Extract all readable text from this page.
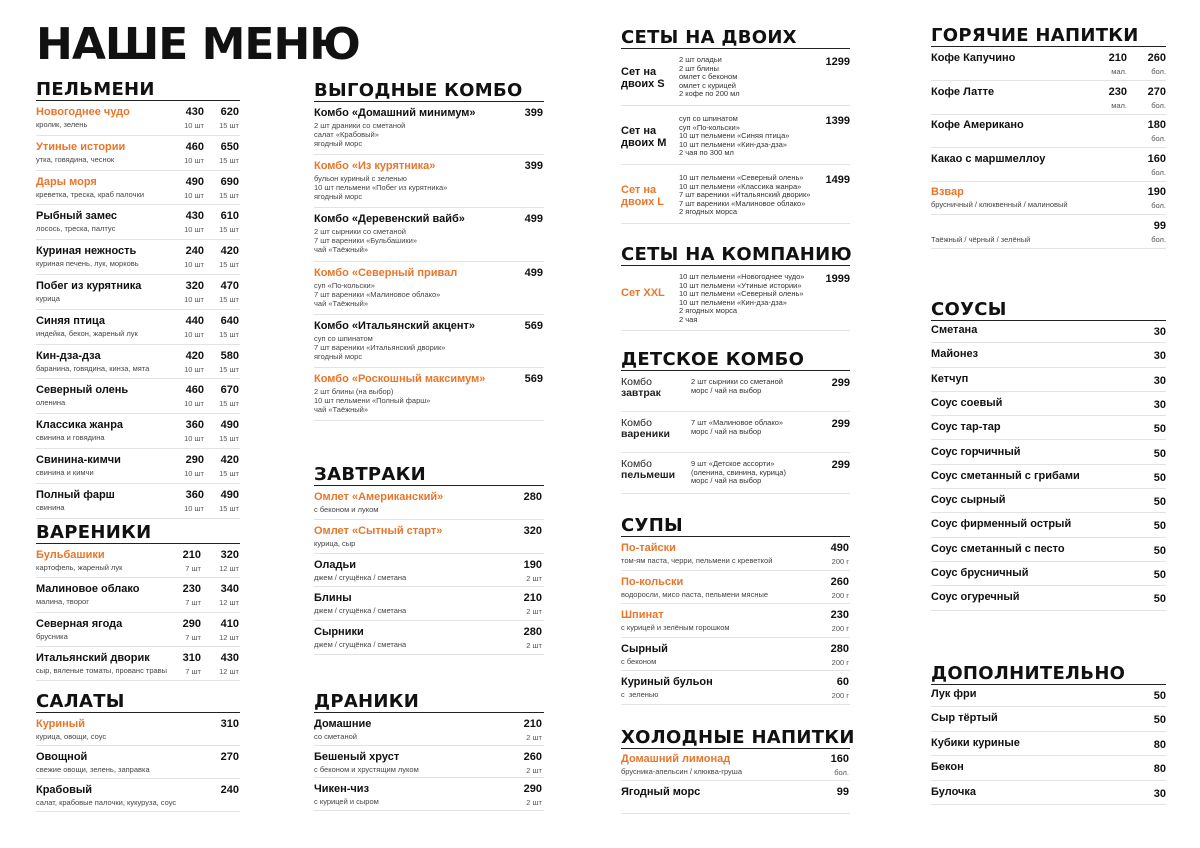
НАШЕ МЕНЮ
ПЕЛЬМЕНИ
Новогоднее чудо
кролик, зелень
430 620
10 шт 15 шт
Утиные истории
утка, говядина, чеснок
460 650
10 шт 15 шт
Дары моря
креветка, треска, краб палочки
490 690
10 шт 15 шт
Рыбный замес
лосось, треска, палтус
430 610
10 шт 15 шт
Куриная нежность
куриная печень, лук, морковь
240 420
10 шт 15 шт
Побег из курятника
курица
320 470
10 шт 15 шт
Синяя птица
индейка, бекон, жареный лук
440 640
10 шт 15 шт
Кин-дза-дза
баранина, говядина, кинза, мята
420 580
10 шт 15 шт
Северный олень
оленина
460 670
10 шт 15 шт
Классика жанра
свинина и говядина
360 490
10 шт 15 шт
Свинина-кимчи
свинина и кимчи
290 420
10 шт 15 шт
Полный фарш
свинина
360 490
10 шт 15 шт
ВАРЕНИКИ
Бульбашики
картофель, жареный лук
210 320
7 шт 12 шт
Малиновое облако
малина, творог
230 340
7 шт 12 шт
Северная ягода
брусника
290 410
7 шт 12 шт
Итальянский дворик
сыр, вяленые томаты, прованс травы
310 430
7 шт 12 шт
САЛАТЫ
Куриный
курица, овощи, соус
310
Овощной
свежие овощи, зелень, заправка
270
Крабовый
салат, крабовые палочки, кукуруза, соус
240
ВЫГОДНЫЕ КОМБО
Комбо «Домашний минимум»
2 шт драники со сметаной
салат «Крабовый»
ягодный морс
399
Комбо «Из курятника»
бульон куриный с зеленью
10 шт пельмени «Побег из курятника»
ягодный морс
399
Комбо «Деревенский вайб»
2 шт сырники со сметаной
7 шт вареники «Бульбашики»
чай «Таёжный»
499
Комбо «Северный привал
суп «По-кольски»
7 шт вареники «Малиновое облако»
чай «Таёжный»
499
Комбо «Итальянский акцент»
суп со шпинатом
7 шт вареники «Итальянский дворик»
ягодный морс
569
Комбо «Роскошный максимум»
2 шт блины (на выбор)
10 шт пельмени «Полный фарш»
чай «Таёжный»
569
ЗАВТРАКИ
Омлет «Американский»
с беконом и луком
280
Омлет «Сытный старт»
курица, сыр
320
Оладьи
джем / сгущёнка / сметана
190
2 шт
Блины
джем / сгущёнка / сметана
210
2 шт
Сырники
джем / сгущёнка / сметана
280
2 шт
ДРАНИКИ
Домашние
со сметаной
210
2 шт
Бешеный хруст
с беконом и хрустящим луком
260
2 шт
Чикен-чиз
с курицей и сыром
290
2 шт
СЕТЫ НА ДВОИХ
Сет на
двоих S
2 шт оладьи
2 шт блины
омлет с беконом
омлет с курицей
2 кофе по 200 мл
1299
Сет на
двоих M
суп со шпинатом
суп «По-кольски»
10 шт пельмени «Синяя птица»
10 шт пельмени «Кин-дза-дза»
2 чая по 300 мл
1399
Сет на
двоих L
10 шт пельмени «Северный олень»
10 шт пельмени «Классика жанра»
7 шт вареники «Итальянский дворик»
7 шт вареники «Малиновое облако»
2 ягодных морса
1499
СЕТЫ НА КОМПАНИЮ
Сет XXL
10 шт пельмени «Новогоднее чудо»
10 шт пельмени «Утиные истории»
10 шт пельмени «Северный олень»
10 шт пельмени «Кин-дза-дза»
2 ягодных морса
2 чая
1999
ДЕТСКОЕ КОМБО
Комбо
завтрак
2 шт сырники со сметаной
морс / чай на выбор
299
Комбо
вареники
7 шт «Малиновое облако»
морс / чай на выбор
299
Комбо
пельмеши
9 шт «Детское ассорти»
(оленина, свинина, курица)
морс / чай на выбор
299
СУПЫ
По-тайски
том-ям паста, черри, пельмени с креветкой
490
200 г
По-кольски
водоросли, мисо паста, пельмени мясные
260
200 г
Шпинат
с курицей и зелёным горошком
230
200 г
Сырный
с беконом
280
200 г
Куриный бульон
с  зеленью
60
200 г
ХОЛОДНЫЕ НАПИТКИ
Домашний лимонад
брусника-апельсин / клюква-груша
160
бол.
Ягодный морс	99
ГОРЯЧИЕ НАПИТКИ
Кофе Капучино	210
мал.
260
бол.
Кофе Латте	230
мал.
270
бол.
Кофе Американо	180
бол.
Какао с маршмеллоу	160
бол.
Взвар
брусничный / клюквенный / малиновый
190
бол.
Таёжный / чёрный / зелёный
99
бол.
СОУСЫ
Сметана	30
Майонез	30
Кетчуп	30
Соус соевый	30
Соус тар-тар	50
Соус горчичный	50
Соус сметанный с грибами	50
Соус сырный	50
Соус фирменный острый	50
Соус сметанный с песто	50
Соус брусничный	50
Соус огуречный	50
ДОПОЛНИТЕЛЬНО
Лук фри	50
Сыр тёртый	50
Кубики куриные	80
Бекон	80
Булочка	30
